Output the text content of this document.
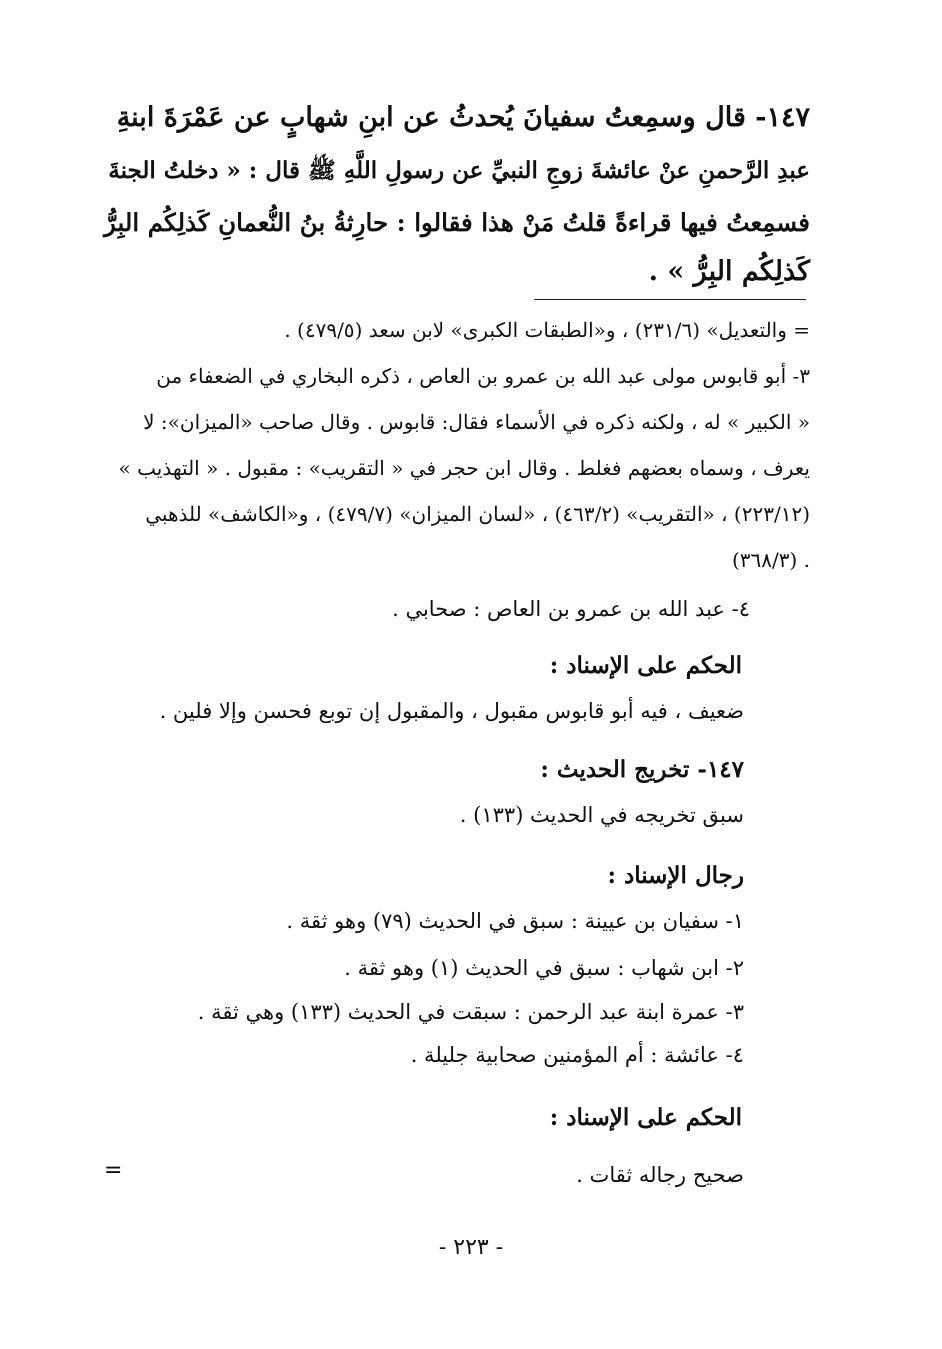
١٤٧- قال وسمِعتُ سفيانَ يُحدثُ عن ابنِ شهابٍ عن عَمْرَةَ ابنةِ
عبدِ الرَّحمنِ عنْ عائشةَ زوجِ النبيِّ عن رسولِ اللَّهِ ﷺ قال : « دخلتُ الجنةَ
فسمِعتُ فيها قراءةً قلتُ مَنْ هذا فقالوا : حارِثةُ بنُ النُّعمانِ كَذلِكُم البِرُّ
كَذلِكُم البِرُّ » .
= والتعديل» (٢٣١/٦) ، و«الطبقات الكبرى» لابن سعد (٤٧٩/٥) .
٣- أبو قابوس مولى عبد الله بن عمرو بن العاص ، ذكره البخاري في الضعفاء من
« الكبير » له ، ولكنه ذكره في الأسماء فقال: قابوس . وقال صاحب «الميزان»: لا
يعرف ، وسماه بعضهم فغلط . وقال ابن حجر في « التقريب» : مقبول . « التهذيب »
(٢٢٣/١٢) ، «التقريب» (٤٦٣/٢) ، «لسان الميزان» (٤٧٩/٧) ، و«الكاشف» للذهبي
(٣٦٨/٣) .
٤- عبد الله بن عمرو بن العاص : صحابي .
الحكم على الإسناد :
ضعيف ، فيه أبو قابوس مقبول ، والمقبول إن توبع فحسن وإلا فلين .
١٤٧- تخريج الحديث :
سبق تخريجه في الحديث (١٣٣) .
رجال الإسناد :
١- سفيان بن عيينة : سبق في الحديث (٧٩) وهو ثقة .
٢- ابن شهاب : سبق في الحديث (١) وهو ثقة .
٣- عمرة ابنة عبد الرحمن : سبقت في الحديث (١٣٣) وهي ثقة .
٤- عائشة : أم المؤمنين صحابية جليلة .
الحكم على الإسناد :
صحيح رجاله ثقات .
=
- ٢٢٣ -
